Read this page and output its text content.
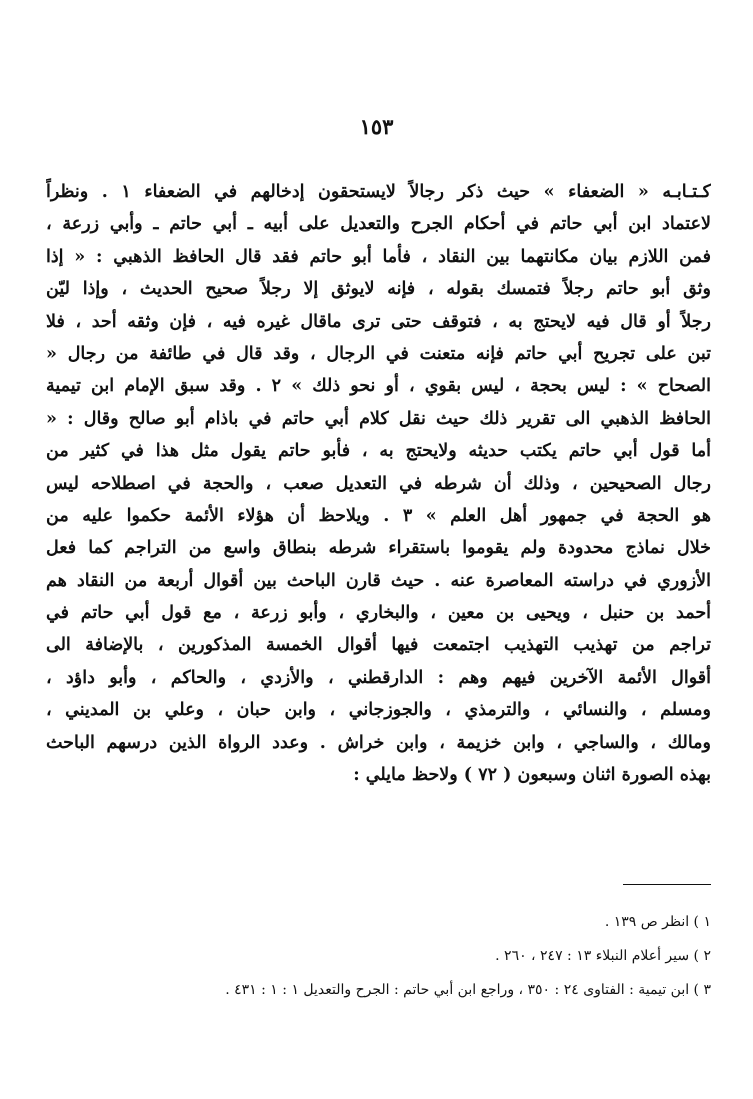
١٥٣
كـتـابـه « الضعفاء » حيث ذكر رجالاً لايستحقون إدخالهم في الضعفاء ١ . ونظراً
لاعتماد ابن أبي حاتم في أحكام الجرح والتعديل على أبيه ـ أبي حاتم ـ وأبي زرعة ،
فمن اللازم بيان مكانتهما بين النقاد ، فأما أبو حاتم فقد قال الحافظ الذهبي : « إذا
وثق أبو حاتم رجلاً فتمسك بقوله ، فإنه لايوثق إلا رجلاً صحيح الحديث ، وإذا ليّن
رجلاً أو قال فيه لايحتج به ، فتوقف حتى ترى ماقال غيره فيه ، فإن وثقه أحد ، فلا
تبن على تجريح أبي حاتم فإنه متعنت في الرجال ، وقد قال في طائفة من رجال «
الصحاح » : ليس بحجة ، ليس بقوي ، أو نحو ذلك » ٢ . وقد سبق الإمام ابن تيمية
الحافظ الذهبي الى تقرير ذلك حيث نقل كلام أبي حاتم في باذام أبو صالح وقال : «
أما قول أبي حاتم يكتب حديثه ولايحتج به ، فأبو حاتم يقول مثل هذا في كثير من
رجال الصحيحين ، وذلك أن شرطه في التعديل صعب ، والحجة في اصطلاحه ليس
هو الحجة في جمهور أهل العلم » ٣ . ويلاحظ أن هؤلاء الأئمة حكموا عليه من
خلال نماذج محدودة ولم يقوموا باستقراء شرطه بنطاق واسع من التراجم كما فعل
الأزوري في دراسته المعاصرة عنه . حيث قارن الباحث بين أقوال أربعة من النقاد هم
أحمد بن حنبل ، ويحيى بن معين ، والبخاري ، وأبو زرعة ، مع قول أبي حاتم في
تراجم من تهذيب التهذيب اجتمعت فيها أقوال الخمسة المذكورين ، بالإضافة الى
أقوال الأئمة الآخرين فيهم وهم : الدارقطني ، والأزدي ، والحاكم ، وأبو داؤد ،
ومسلم ، والنسائي ، والترمذي ، والجوزجاني ، وابن حبان ، وعلي بن المديني ،
ومالك ، والساجي ، وابن خزيمة ، وابن خراش . وعدد الرواة الذين درسهم الباحث
بهذه الصورة اثنان وسبعون ( ٧٢ ) ولاحظ مايلي :
١ ) انظر ص ١٣٩ .
٢ ) سير أعلام النبلاء ١٣ : ٢٤٧ ، ٢٦٠ .
٣ ) ابن تيمية : الفتاوى ٢٤ : ٣٥٠ ، وراجع ابن أبي حاتم : الجرح والتعديل ١ : ١ : ٤٣١ .
